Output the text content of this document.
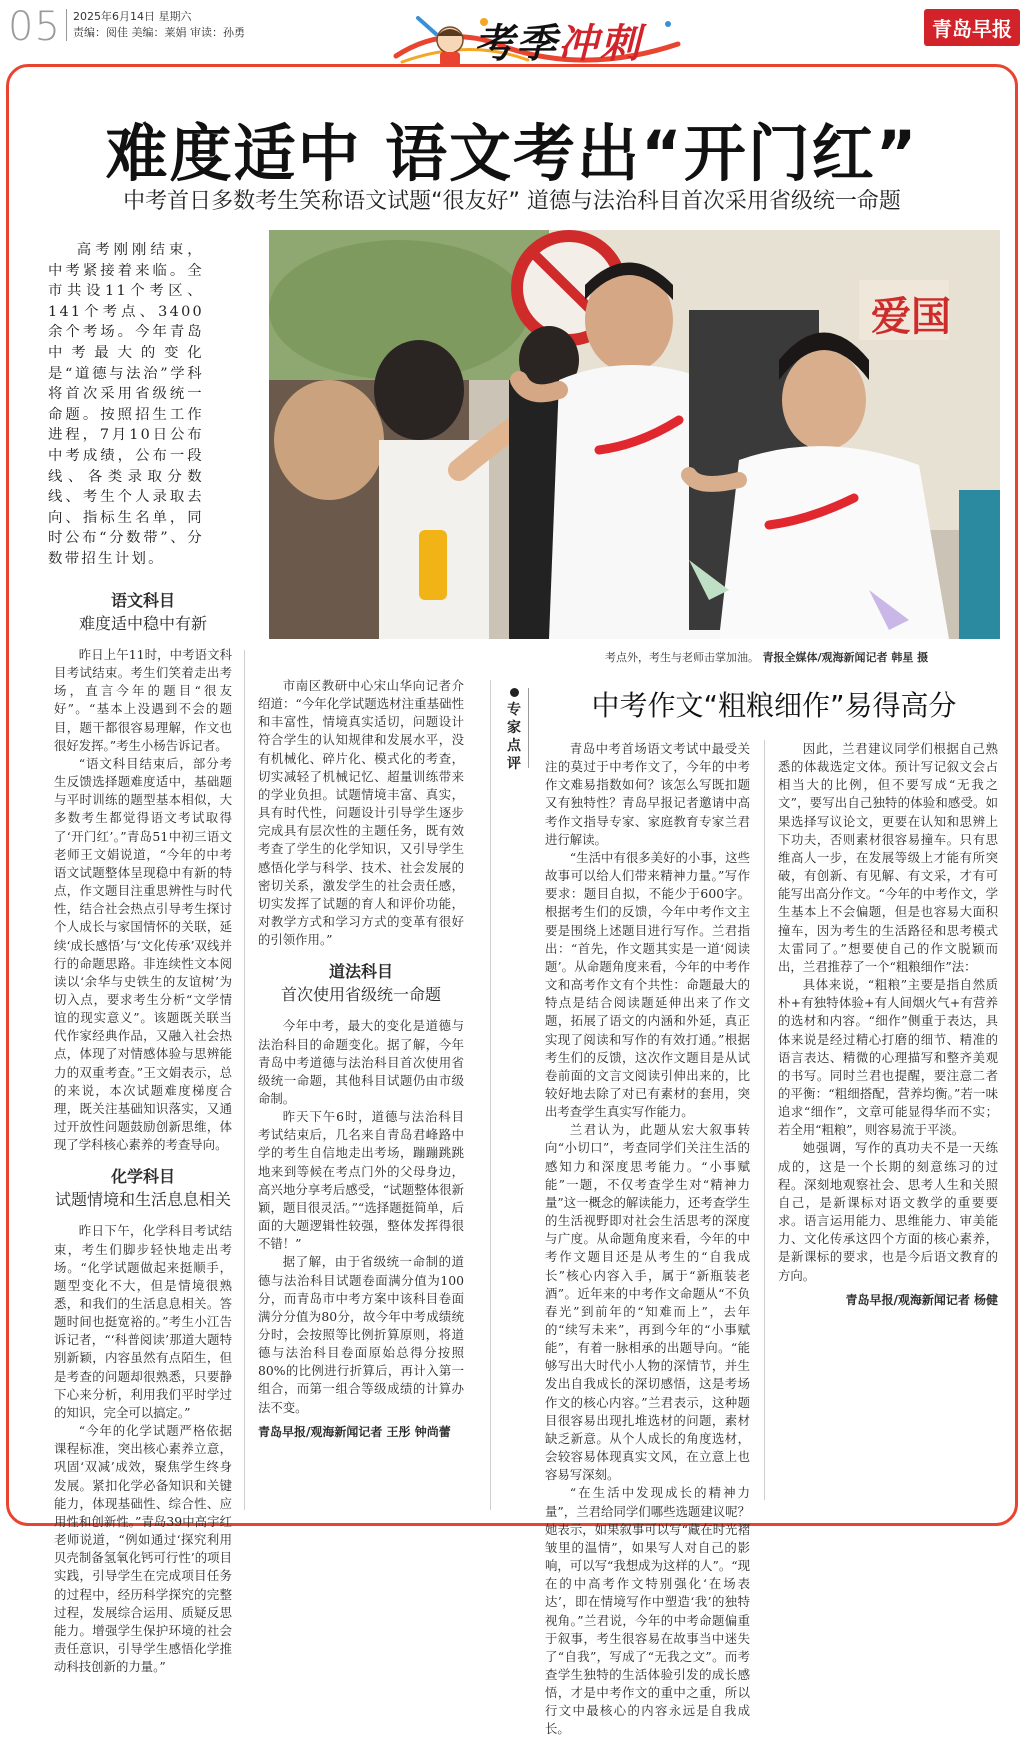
05 2025年6月14日 星期六
责编：阅佳 美编：莱娟 审读：孙勇	考季冲刺	青岛早报
难度适中 语文考出“开门红”
中考首日多数考生笑称语文试题“很友好” 道德与法治科目首次采用省级统一命题
高考刚刚结束，中考紧接着来临。全市共设11个考区、141个考点、3400余个考场。今年青岛中考最大的变化是“道德与法治”学科将首次采用省级统一命题。按照招生工作进程，7月10日公布中考成绩，公布一段线、各类录取分数线、考生个人录取去向、指标生名单，同时公布“分数带”、分数带招生计划。
爱国
考点外，考生与老师击掌加油。 青报全媒体/观海新闻记者 韩星 摄
语文科目
难度适中稳中有新

昨日上午11时，中考语文科目考试结束。考生们笑着走出考场，直言今年的题目“很友好”。“基本上没遇到不会的题目，题干都很容易理解，作文也很好发挥。”考生小杨告诉记者。

“语文科目结束后，部分考生反馈选择题难度适中，基础题与平时训练的题型基本相似，大多数考生都觉得语文考试取得了‘开门红’。”青岛51中初三语文老师王文娟说道，“今年的中考语文试题整体呈现稳中有新的特点，作文题目注重思辨性与时代性，结合社会热点引导考生探讨个人成长与家国情怀的关联，延续‘成长感悟’与‘文化传承’双线并行的命题思路。非连续性文本阅读以‘余华与史铁生的友谊树’为切入点，要求考生分析“文学情谊的现实意义”。该题既关联当代作家经典作品，又融入社会热点，体现了对情感体验与思辨能力的双重考查。”王文娟表示，总的来说，本次试题难度梯度合理，既关注基础知识落实，又通过开放性问题鼓励创新思维，体现了学科核心素养的考查导向。

化学科目
试题情境和生活息息相关

昨日下午，化学科目考试结束，考生们脚步轻快地走出考场。“化学试题做起来挺顺手，题型变化不大，但是情境很熟悉，和我们的生活息息相关。答题时间也挺宽裕的。”考生小江告诉记者，“‘科普阅读’那道大题特别新颖，内容虽然有点陌生，但是考查的问题却很熟悉，只要静下心来分析，利用我们平时学过的知识，完全可以搞定。”

“今年的化学试题严格依据课程标准，突出核心素养立意，巩固‘双减’成效，聚焦学生终身发展。紧扣化学必备知识和关键能力，体现基础性、综合性、应用性和创新性。”青岛39中高宇红老师说道，“例如通过‘探究利用贝壳制备氢氧化钙可行性’的项目实践，引导学生在完成项目任务的过程中，经历科学探究的完整过程，发展综合运用、质疑反思能力。增强学生保护环境的社会责任意识，引导学生感悟化学推动科技创新的力量。”

市南区教研中心宋山华向记者介绍道：“今年化学试题选材注重基础性和丰富性，情境真实适切，问题设计符合学生的认知规律和发展水平，没有机械化、碎片化、模式化的考查，切实减轻了机械记忆、超量训练带来的学业负担。试题情境丰富、真实，具有时代性，问题设计引导学生逐步完成具有层次性的主题任务，既有效考查了学生的化学知识，又引导学生感悟化学与科学、技术、社会发展的密切关系，激发学生的社会责任感，切实发挥了试题的育人和评价功能，对教学方式和学习方式的变革有很好的引领作用。”

道法科目
首次使用省级统一命题

今年中考，最大的变化是道德与法治科目的命题变化。据了解，今年青岛中考道德与法治科目首次使用省级统一命题，其他科目试题仍由市级命制。

昨天下午6时，道德与法治科目考试结束后，几名来自青岛君峰路中学的考生自信地走出考场，蹦蹦跳跳地来到等候在考点门外的父母身边，高兴地分享考后感受，“试题整体很新颖，题目很灵活。”“选择题挺简单，后面的大题逻辑性较强，整体发挥得很不错！”

据了解，由于省级统一命制的道德与法治科目试题卷面满分值为100分，而青岛市中考方案中该科目卷面满分分值为80分，故今年中考成绩统分时，会按照等比例折算原则，将道德与法治科目卷面原始总得分按照80%的比例进行折算后，再计入第一组合，而第一组合等级成绩的计算办法不变。

青岛早报/观海新闻记者 王彤 钟尚蕾
专家点评
中考作文“粗粮细作”易得高分

青岛中考首场语文考试中最受关注的莫过于中考作文了，今年的中考作文难易指数如何？该怎么写既扣题又有独特性？青岛早报记者邀请中高考作文指导专家、家庭教育专家兰君进行解读。

“生活中有很多美好的小事，这些故事可以给人们带来精神力量。”写作要求：题目自拟，不能少于600字。根据考生们的反馈，今年中考作文主要是围绕上述题目进行写作。兰君指出：“首先，作文题其实是一道‘阅读题’。从命题角度来看，今年的中考作文和高考作文有个共性：命题最大的特点是结合阅读题延伸出来了作文题，拓展了语文的内涵和外延，真正实现了阅读和写作的有效打通。”根据考生们的反馈，这次作文题目是从试卷前面的文言文阅读引伸出来的，比较好地去除了对已有素材的套用，突出考查学生真实写作能力。

兰君认为，此题从宏大叙事转向“小切口”，考查同学们关注生活的感知力和深度思考能力。“小事赋能”一题，不仅考查学生对“精神力量”这一概念的解读能力，还考查学生的生活视野即对社会生活思考的深度与广度。从命题角度来看，今年的中考作文题目还是从考生的“自我成长”核心内容入手，属于“新瓶装老酒”。近年来的中考作文命题从“不负春光”到前年的“知难而上”，去年的“续写未来”，再到今年的“小事赋能”，有着一脉相承的出题导向。“能够写出大时代小人物的深情节，并生发出自我成长的深切感悟，这是考场作文的核心内容。”兰君表示，这种题目很容易出现扎堆选材的问题，素材缺乏新意。从个人成长的角度选材，会较容易体现真实文风，在立意上也容易写深刻。

“在生活中发现成长的精神力量”，兰君给同学们哪些选题建议呢？她表示，如果叙事可以写“藏在时光褶皱里的温情”，如果写人对自己的影响，可以写“我想成为这样的人”。“现在的中高考作文特别强化‘在场表达’，即在情境写作中塑造‘我’的独特视角。”兰君说，今年的中考命题偏重于叙事，考生很容易在故事当中迷失了“自我”，写成了“无我之文”。而考查学生独特的生活体验引发的成长感悟，才是中考作文的重中之重，所以行文中最核心的内容永远是自我成长。

因此，兰君建议同学们根据自己熟悉的体裁选定文体。预计写记叙文会占相当大的比例，但不要写成“无我之文”，要写出自己独特的体验和感受。如果选择写议论文，更要在认知和思辨上下功夫，否则素材很容易撞车。只有思维高人一步，在发展等级上才能有所突破，有创新、有见解、有文采，才有可能写出高分作文。“今年的中考作文，学生基本上不会偏题，但是也容易大面积撞车，因为考生的生活路径和思考模式太雷同了。”想要使自己的作文脱颖而出，兰君推荐了一个“粗粮细作”法：

具体来说，“粗粮”主要是指自然质朴+有独特体验+有人间烟火气+有营养的选材和内容。“细作”侧重于表达，具体来说是经过精心打磨的细节、精准的语言表达、精微的心理描写和整齐美观的书写。同时兰君也提醒，要注意二者的平衡：“粗细搭配，营养均衡。”若一味追求“细作”，文章可能显得华而不实；若全用“粗粮”，则容易流于平淡。

她强调，写作的真功夫不是一天练成的，这是一个长期的刻意练习的过程。深刻地观察社会、思考人生和关照自己，是新课标对语文教学的重要要求。语言运用能力、思维能力、审美能力、文化传承这四个方面的核心素养，是新课标的要求，也是今后语文教育的方向。

青岛早报/观海新闻记者 杨健
